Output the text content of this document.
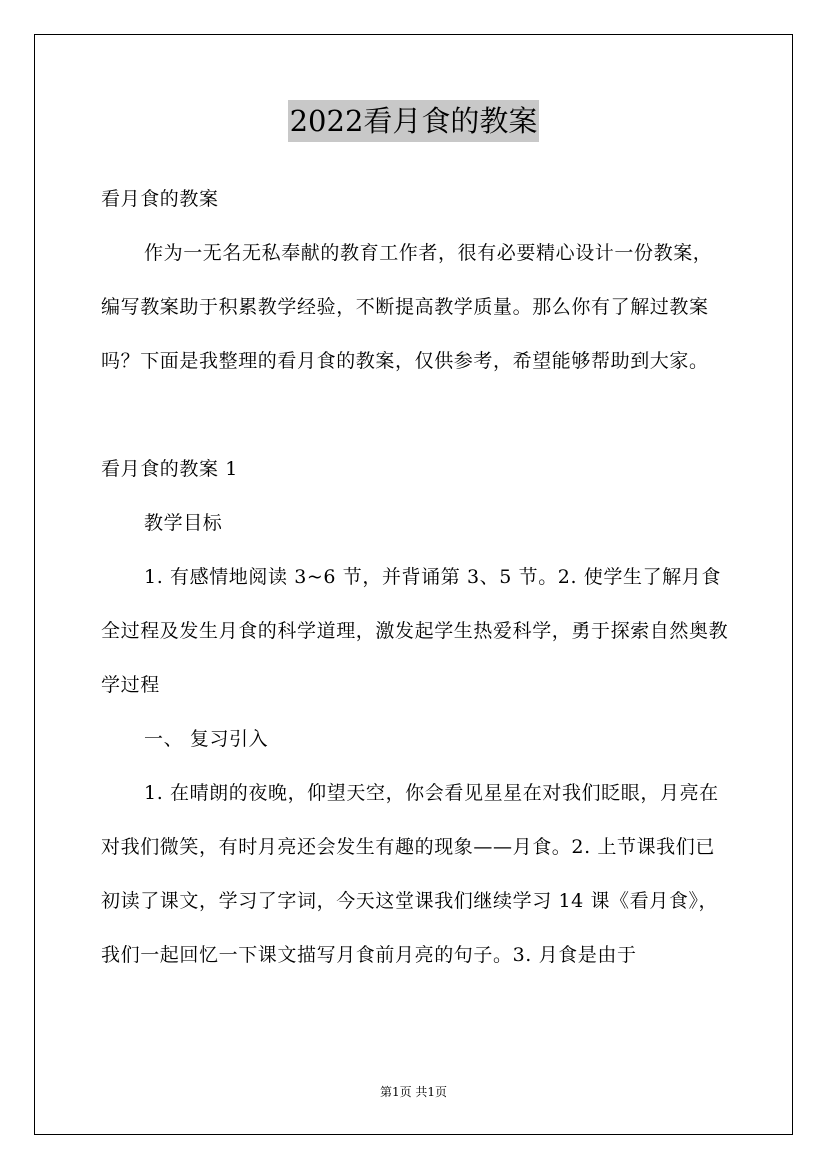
2022看月食的教案

看月食的教案

作为一无名无私奉献的教育工作者，很有必要精心设计一份教案，编写教案助于积累教学经验，不断提高教学质量。那么你有了解过教案吗？下面是我整理的看月食的教案，仅供参考，希望能够帮助到大家。

看月食的教案 1

教学目标

1. 有感情地阅读 3~6 节，并背诵第 3、5 节。2. 使学生了解月食全过程及发生月食的科学道理，激发起学生热爱科学，勇于探索自然奥教学过程

一、 复习引入

1. 在晴朗的夜晚，仰望天空，你会看见星星在对我们眨眼，月亮在对我们微笑，有时月亮还会发生有趣的现象——月食。2. 上节课我们已初读了课文，学习了字词，今天这堂课我们继续学习 14 课《看月食》，我们一起回忆一下课文描写月食前月亮的句子。3. 月食是由于

第1页 共1页
